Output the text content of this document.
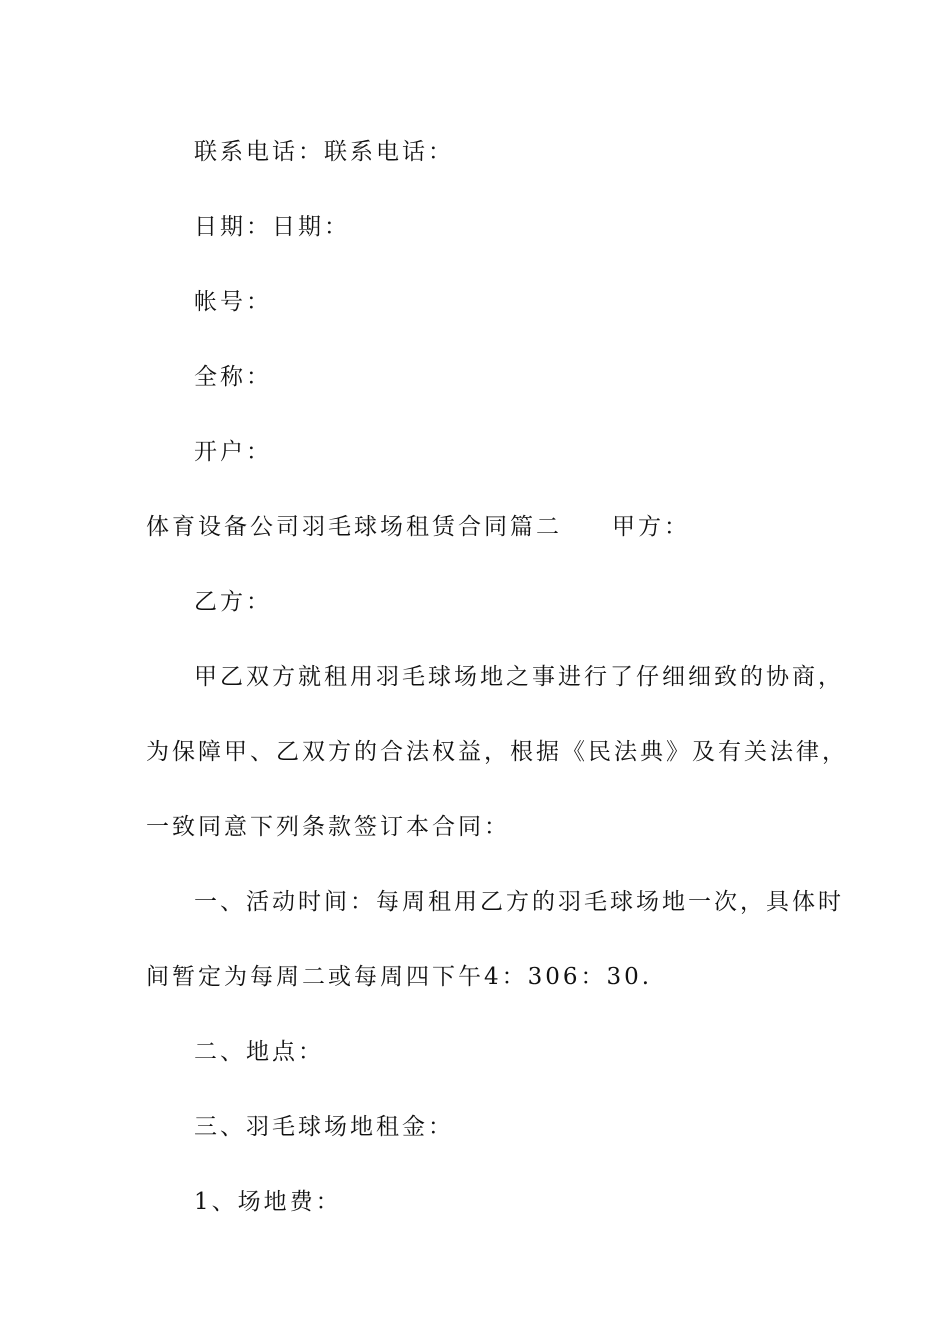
联系电话：联系电话：
日期：日期：
帐号：
全称：
开户：
体育设备公司羽毛球场租赁合同篇二 甲方：
乙方：
甲乙双方就租用羽毛球场地之事进行了仔细细致的协商，
为保障甲、乙双方的合法权益，根据《民法典》及有关法律，
一致同意下列条款签订本合同：
一、活动时间：每周租用乙方的羽毛球场地一次，具体时
间暂定为每周二或每周四下午4：306：30.
二、地点：
三、羽毛球场地租金：
1、场地费：
